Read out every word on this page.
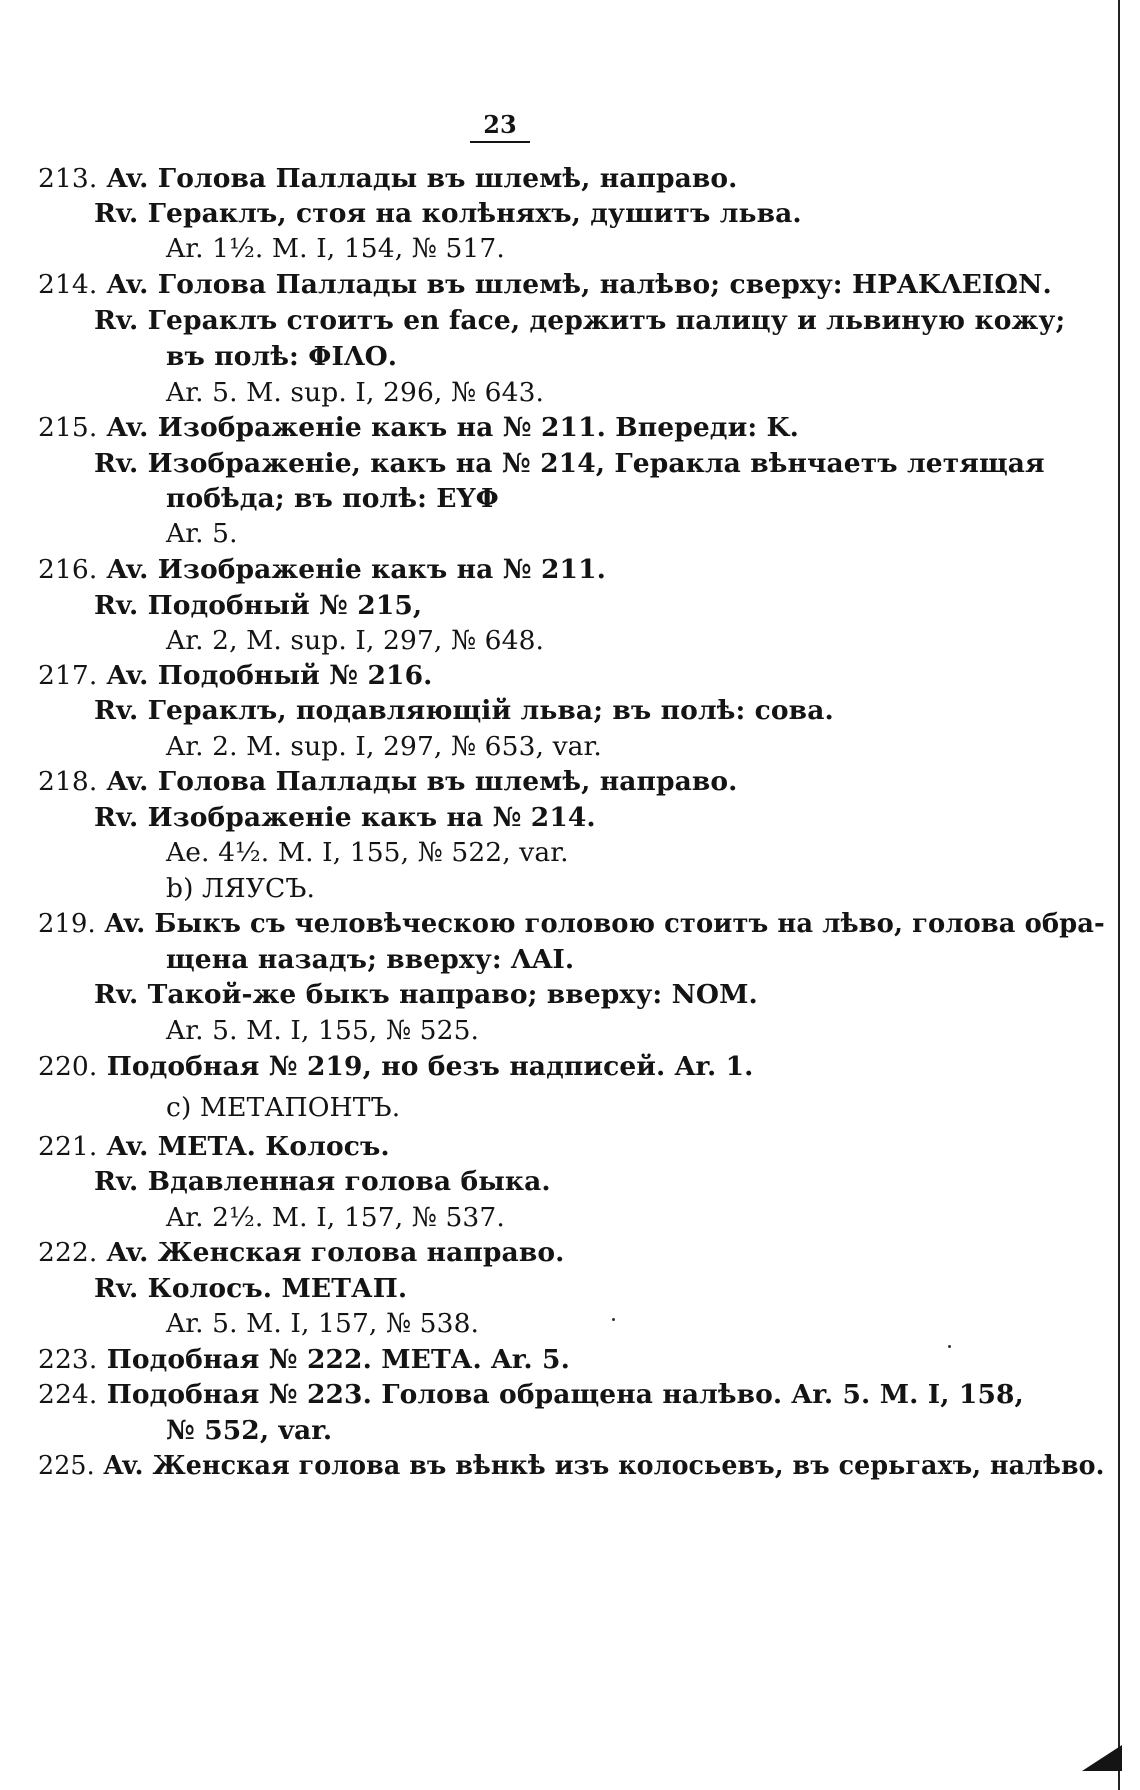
23
213. Av. Голова Паллады въ шлемѣ, направо.
Rv. Гераклъ, стоя на колѣняхъ, душитъ льва.
Ar. 1½. M. I, 154, № 517.
214. Av. Голова Паллады въ шлемѣ, налѣво; сверху: ΗΡΑΚΛΕΙΩΝ.
Rv. Гераклъ стоитъ en face, держитъ палицу и львиную кожу;
въ полѣ: ΦΙΛΟ.
Ar. 5. M. sup. I, 296, № 643.
215. Av. Изображенiе какъ на № 211. Впереди: K.
Rv. Изображенiе, какъ на № 214, Геракла вѣнчаетъ летящая
побѣда; въ полѣ: ΕΥΦ
Ar. 5.
216. Av. Изображенiе какъ на № 211.
Rv. Подобный № 215,
Ar. 2, M. sup. I, 297, № 648.
217. Av. Подобный № 216.
Rv. Гераклъ, подавляющiй льва; въ полѣ: сова.
Ar. 2. M. sup. I, 297, № 653, var.
218. Av. Голова Паллады въ шлемѣ, направо.
Rv. Изображенiе какъ на № 214.
Ae. 4½. M. I, 155, № 522, var.
b) ЛЯУСЪ.
219. Av. Быкъ съ человѣческою головою стоитъ на лѣво, голова обра-
щена назадъ; вверху: ΛΑΙ.
Rv. Такой-же быкъ направо; вверху: NOM.
Ar. 5. M. I, 155, № 525.
220. Подобная № 219, но безъ надписей. Ar. 1.
c) МЕТАПОНТЪ.
221. Av. META. Колосъ.
Rv. Вдавленная голова быка.
Ar. 2½. M. I, 157, № 537.
222. Av. Женская голова направо.
Rv. Колосъ. МЕТАП.
Ar. 5. M. I, 157, № 538.
223. Подобная № 222. МЕТА. Ar. 5.
224. Подобная № 223. Голова обращена налѣво. Ar. 5. M. I, 158,
№ 552, var.
225. Av. Женская голова въ вѣнкѣ изъ колосьевъ, въ серьгахъ, налѣво.
